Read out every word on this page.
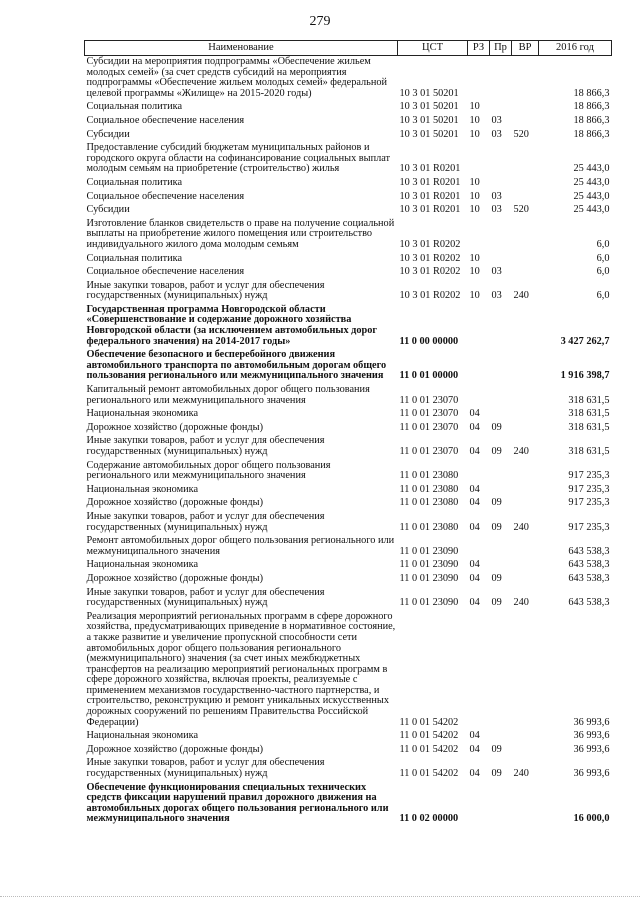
279
Наименование	ЦСТ	РЗ	Пр	ВР	2016 год
Субсидии на мероприятия подпрограммы «Обеспечение жильем молодых семей» (за счет средств субсидий на мероприятия подпрограммы «Обеспечение жильем молодых семей» федеральной целевой программы «Жилище» на 2015-2020 годы)	10 3 01 50201				18 866,3
Социальная политика	10 3 01 50201	10			18 866,3
Социальное обеспечение населения	10 3 01 50201	10	03		18 866,3
Субсидии	10 3 01 50201	10	03	520	18 866,3
Предоставление субсидий бюджетам муниципальных районов и городского округа области на софинансирование социальных выплат молодым семьям на приобретение (строительство) жилья	10 3 01 R0201				25 443,0
Социальная политика	10 3 01 R0201	10			25 443,0
Социальное обеспечение населения	10 3 01 R0201	10	03		25 443,0
Субсидии	10 3 01 R0201	10	03	520	25 443,0
Изготовление бланков свидетельств о праве на получение социальной выплаты на приобретение жилого помещения или строительство индивидуального жилого дома молодым семьям	10 3 01 R0202				6,0
Социальная политика	10 3 01 R0202	10			6,0
Социальное обеспечение населения	10 3 01 R0202	10	03		6,0
Иные закупки товаров, работ и услуг для обеспечения государственных (муниципальных) нужд	10 3 01 R0202	10	03	240	6,0
Государственная программа Новгородской области «Совершенствование и содержание дорожного хозяйства Новгородской области (за исключением автомобильных дорог федерального значения) на 2014-2017 годы»	11 0 00 00000				3 427 262,7
Обеспечение безопасного и бесперебойного движения автомобильного транспорта по автомобильным дорогам общего пользования регионального или межмуниципального значения	11 0 01 00000				1 916 398,7
Капитальный ремонт автомобильных дорог общего пользования регионального или межмуниципального значения	11 0 01 23070				318 631,5
Национальная экономика	11 0 01 23070	04			318 631,5
Дорожное хозяйство (дорожные фонды)	11 0 01 23070	04	09		318 631,5
Иные закупки товаров, работ и услуг для обеспечения государственных (муниципальных) нужд	11 0 01 23070	04	09	240	318 631,5
Содержание автомобильных дорог общего пользования регионального или межмуниципального значения	11 0 01 23080				917 235,3
Национальная экономика	11 0 01 23080	04			917 235,3
Дорожное хозяйство (дорожные фонды)	11 0 01 23080	04	09		917 235,3
Иные закупки товаров, работ и услуг для обеспечения государственных (муниципальных) нужд	11 0 01 23080	04	09	240	917 235,3
Ремонт автомобильных дорог общего пользования регионального или межмуниципального значения	11 0 01 23090				643 538,3
Национальная экономика	11 0 01 23090	04			643 538,3
Дорожное хозяйство (дорожные фонды)	11 0 01 23090	04	09		643 538,3
Иные закупки товаров, работ и услуг для обеспечения государственных (муниципальных) нужд	11 0 01 23090	04	09	240	643 538,3
Реализация мероприятий региональных программ в сфере дорожного хозяйства, предусматривающих приведение в нормативное состояние, а также развитие и увеличение пропускной способности сети автомобильных дорог общего пользования регионального (межмуниципального) значения (за счет иных межбюджетных трансфертов на реализацию мероприятий региональных программ в сфере дорожного хозяйства, включая проекты, реализуемые с применением механизмов государственно-частного партнерства, и строительство, реконструкцию и ремонт уникальных искусственных дорожных сооружений по решениям Правительства Российской Федерации)	11 0 01 54202				36 993,6
Национальная экономика	11 0 01 54202	04			36 993,6
Дорожное хозяйство (дорожные фонды)	11 0 01 54202	04	09		36 993,6
Иные закупки товаров, работ и услуг для обеспечения государственных (муниципальных) нужд	11 0 01 54202	04	09	240	36 993,6
Обеспечение функционирования специальных технических средств фиксации нарушений правил дорожного движения на автомобильных дорогах общего пользования регионального или межмуниципального значения	11 0 02 00000				16 000,0
